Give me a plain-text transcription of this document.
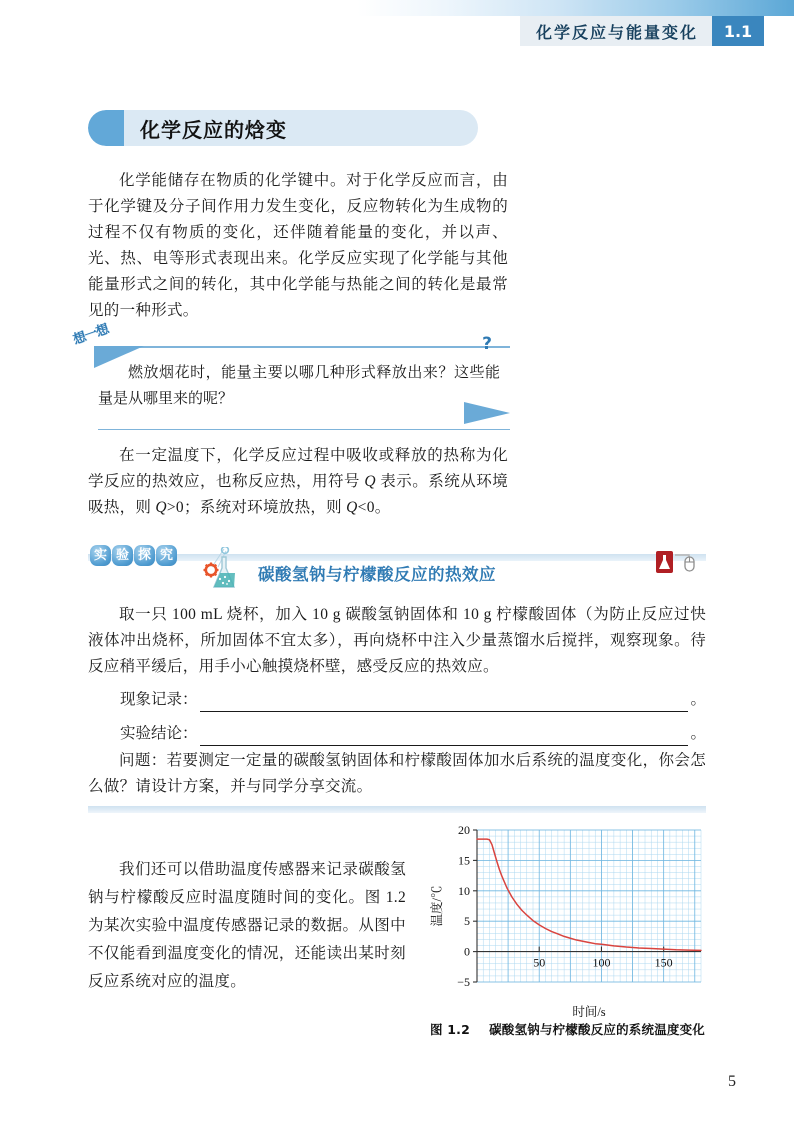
化学反应与能量变化	1.1
化学反应的焓变
化学能储存在物质的化学键中。对于化学反应而言，由于化学键及分子间作用力发生变化，反应物转化为生成物的过程不仅有物质的变化，还伴随着能量的变化，并以声、光、热、电等形式表现出来。化学反应实现了化学能与其他能量形式之间的转化，其中化学能与热能之间的转化是最常见的一种形式。
想一想	?
燃放烟花时，能量主要以哪几种形式释放出来？这些能量是从哪里来的呢？
在一定温度下，化学反应过程中吸收或释放的热称为化学反应的热效应，也称反应热，用符号 Q 表示。系统从环境吸热，则 Q>0；系统对环境放热，则 Q<0。
实 验 探 究
碳酸氢钠与柠檬酸反应的热效应
取一只 100 mL 烧杯，加入 10 g 碳酸氢钠固体和 10 g 柠檬酸固体（为防止反应过快液体冲出烧杯，所加固体不宜太多），再向烧杯中注入少量蒸馏水后搅拌，观察现象。待反应稍平缓后，用手小心触摸烧杯壁，感受反应的热效应。
现象记录：	。
实验结论：	。
问题：若要测定一定量的碳酸氢钠固体和柠檬酸固体加水后系统的温度变化，你会怎么做？请设计方案，并与同学分享交流。
我们还可以借助温度传感器来记录碳酸氢钠与柠檬酸反应时温度随时间的变化。图 1.2 为某次实验中温度传感器记录的数据。从图中不仅能看到温度变化的情况，还能读出某时刻反应系统对应的温度。	−5
0
5
10
15
20
50	100	150
时间/s
温度/℃
图 1.2 碳酸氢钠与柠檬酸反应的系统温度变化
5
